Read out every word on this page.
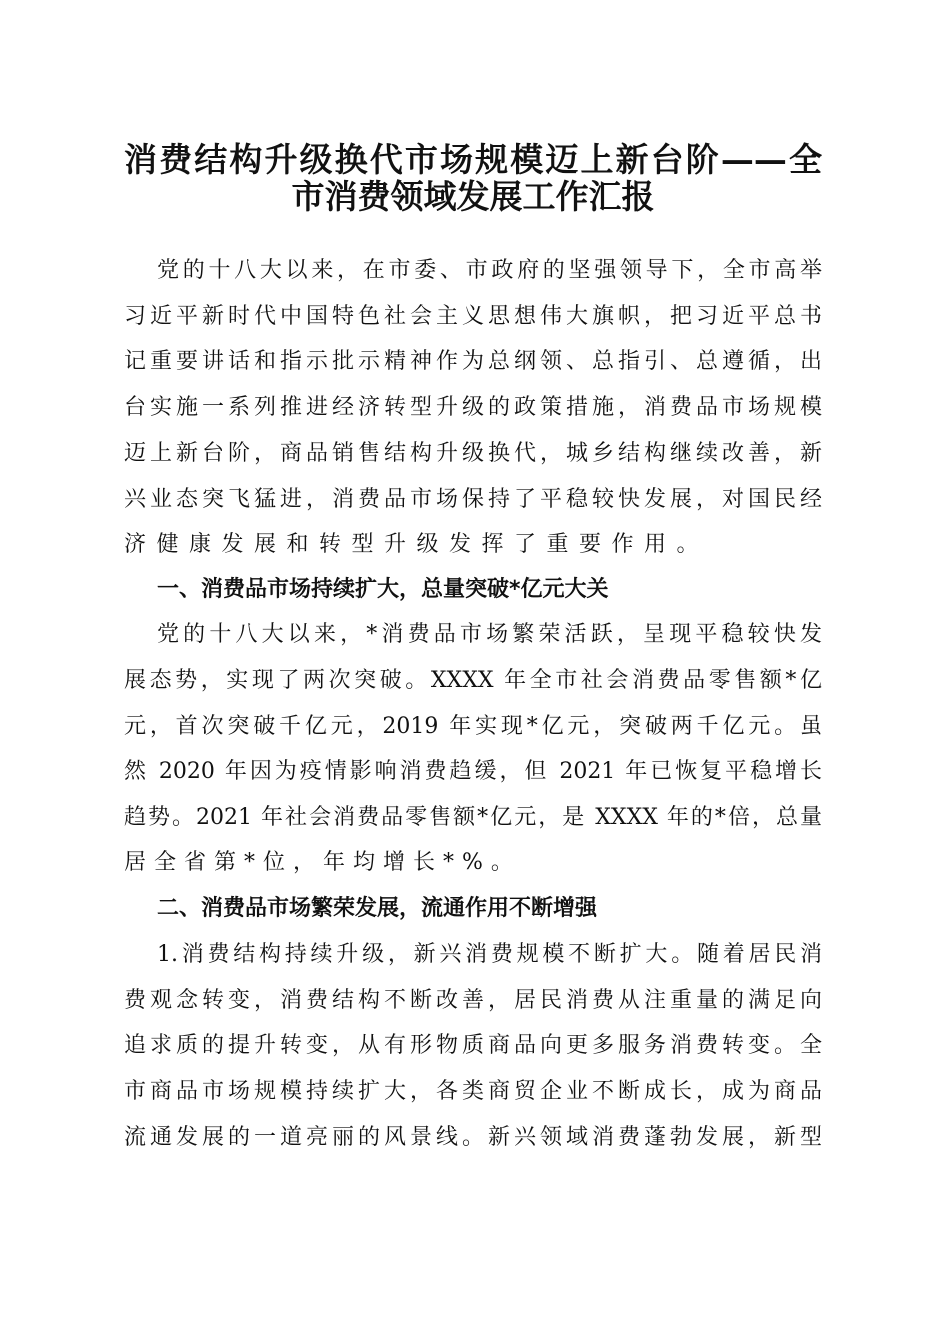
消费结构升级换代市场规模迈上新台阶——全
市消费领域发展工作汇报
党的十八大以来，在市委、市政府的坚强领导下，全市高举
习近平新时代中国特色社会主义思想伟大旗帜，把习近平总书
记重要讲话和指示批示精神作为总纲领、总指引、总遵循，出
台实施一系列推进经济转型升级的政策措施，消费品市场规模
迈上新台阶，商品销售结构升级换代，城乡结构继续改善，新
兴业态突飞猛进，消费品市场保持了平稳较快发展，对国民经
济健康发展和转型升级发挥了重要作用。
一、消费品市场持续扩大，总量突破*亿元大关
党的十八大以来，*消费品市场繁荣活跃，呈现平稳较快发
展态势，实现了两次突破。XXXX 年全市社会消费品零售额*亿
元，首次突破千亿元，2019 年实现*亿元，突破两千亿元。虽
然 2020 年因为疫情影响消费趋缓，但 2021 年已恢复平稳增长
趋势。2021 年社会消费品零售额*亿元，是 XXXX 年的*倍，总量
居全省第*位，年均增长*%。
二、消费品市场繁荣发展，流通作用不断增强
1.消费结构持续升级，新兴消费规模不断扩大。随着居民消
费观念转变，消费结构不断改善，居民消费从注重量的满足向
追求质的提升转变，从有形物质商品向更多服务消费转变。全
市商品市场规模持续扩大，各类商贸企业不断成长，成为商品
流通发展的一道亮丽的风景线。新兴领域消费蓬勃发展，新型
